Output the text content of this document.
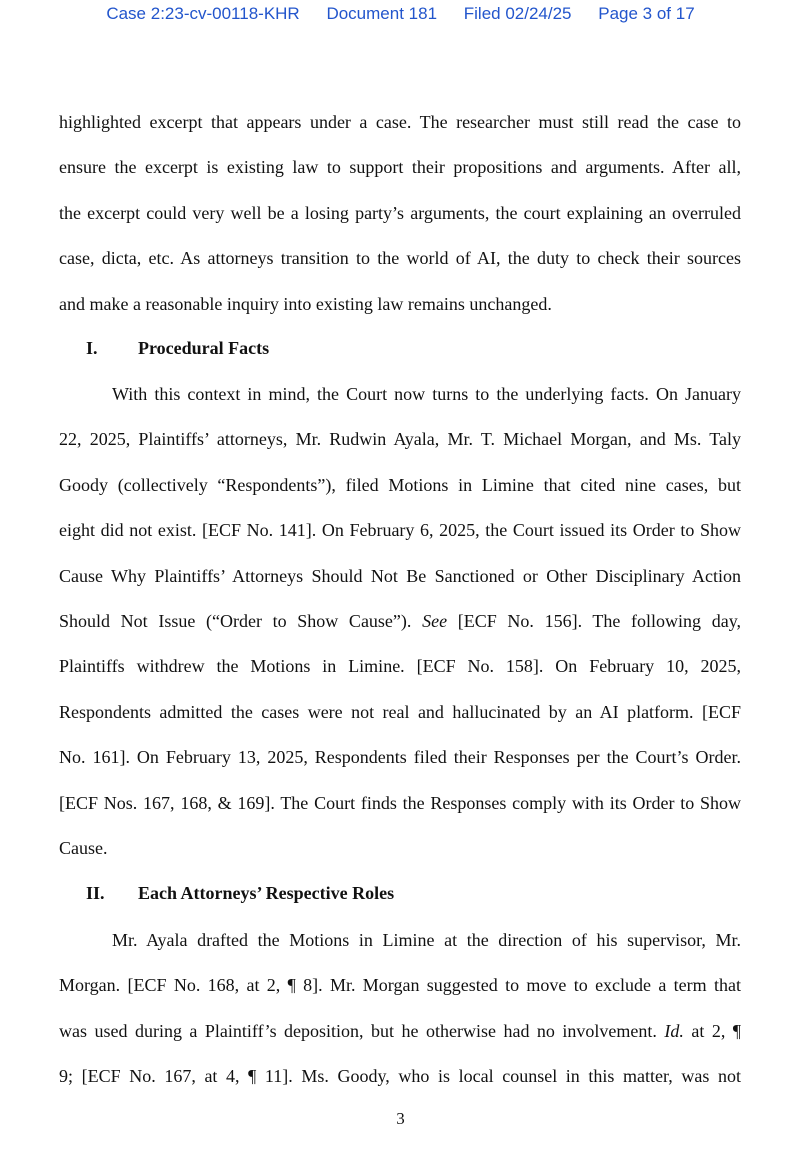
Case 2:23-cv-00118-KHR Document 181 Filed 02/24/25 Page 3 of 17
highlighted excerpt that appears under a case. The researcher must still read the case to
ensure the excerpt is existing law to support their propositions and arguments. After all,
the excerpt could very well be a losing party’s arguments, the court explaining an overruled
case, dicta, etc. As attorneys transition to the world of AI, the duty to check their sources
and make a reasonable inquiry into existing law remains unchanged.
I. Procedural Facts
With this context in mind, the Court now turns to the underlying facts. On January
22, 2025, Plaintiffs’ attorneys, Mr. Rudwin Ayala, Mr. T. Michael Morgan, and Ms. Taly
Goody (collectively “Respondents”), filed Motions in Limine that cited nine cases, but
eight did not exist. [ECF No. 141]. On February 6, 2025, the Court issued its Order to Show
Cause Why Plaintiffs’ Attorneys Should Not Be Sanctioned or Other Disciplinary Action
Should Not Issue (“Order to Show Cause”). See [ECF No. 156]. The following day,
Plaintiffs withdrew the Motions in Limine. [ECF No. 158]. On February 10, 2025,
Respondents admitted the cases were not real and hallucinated by an AI platform. [ECF
No. 161]. On February 13, 2025, Respondents filed their Responses per the Court’s Order.
[ECF Nos. 167, 168, & 169]. The Court finds the Responses comply with its Order to Show
Cause.
II. Each Attorneys’ Respective Roles
Mr. Ayala drafted the Motions in Limine at the direction of his supervisor, Mr.
Morgan. [ECF No. 168, at 2, ¶ 8]. Mr. Morgan suggested to move to exclude a term that
was used during a Plaintiff’s deposition, but he otherwise had no involvement. Id. at 2, ¶
9; [ECF No. 167, at 4, ¶ 11]. Ms. Goody, who is local counsel in this matter, was not
3
